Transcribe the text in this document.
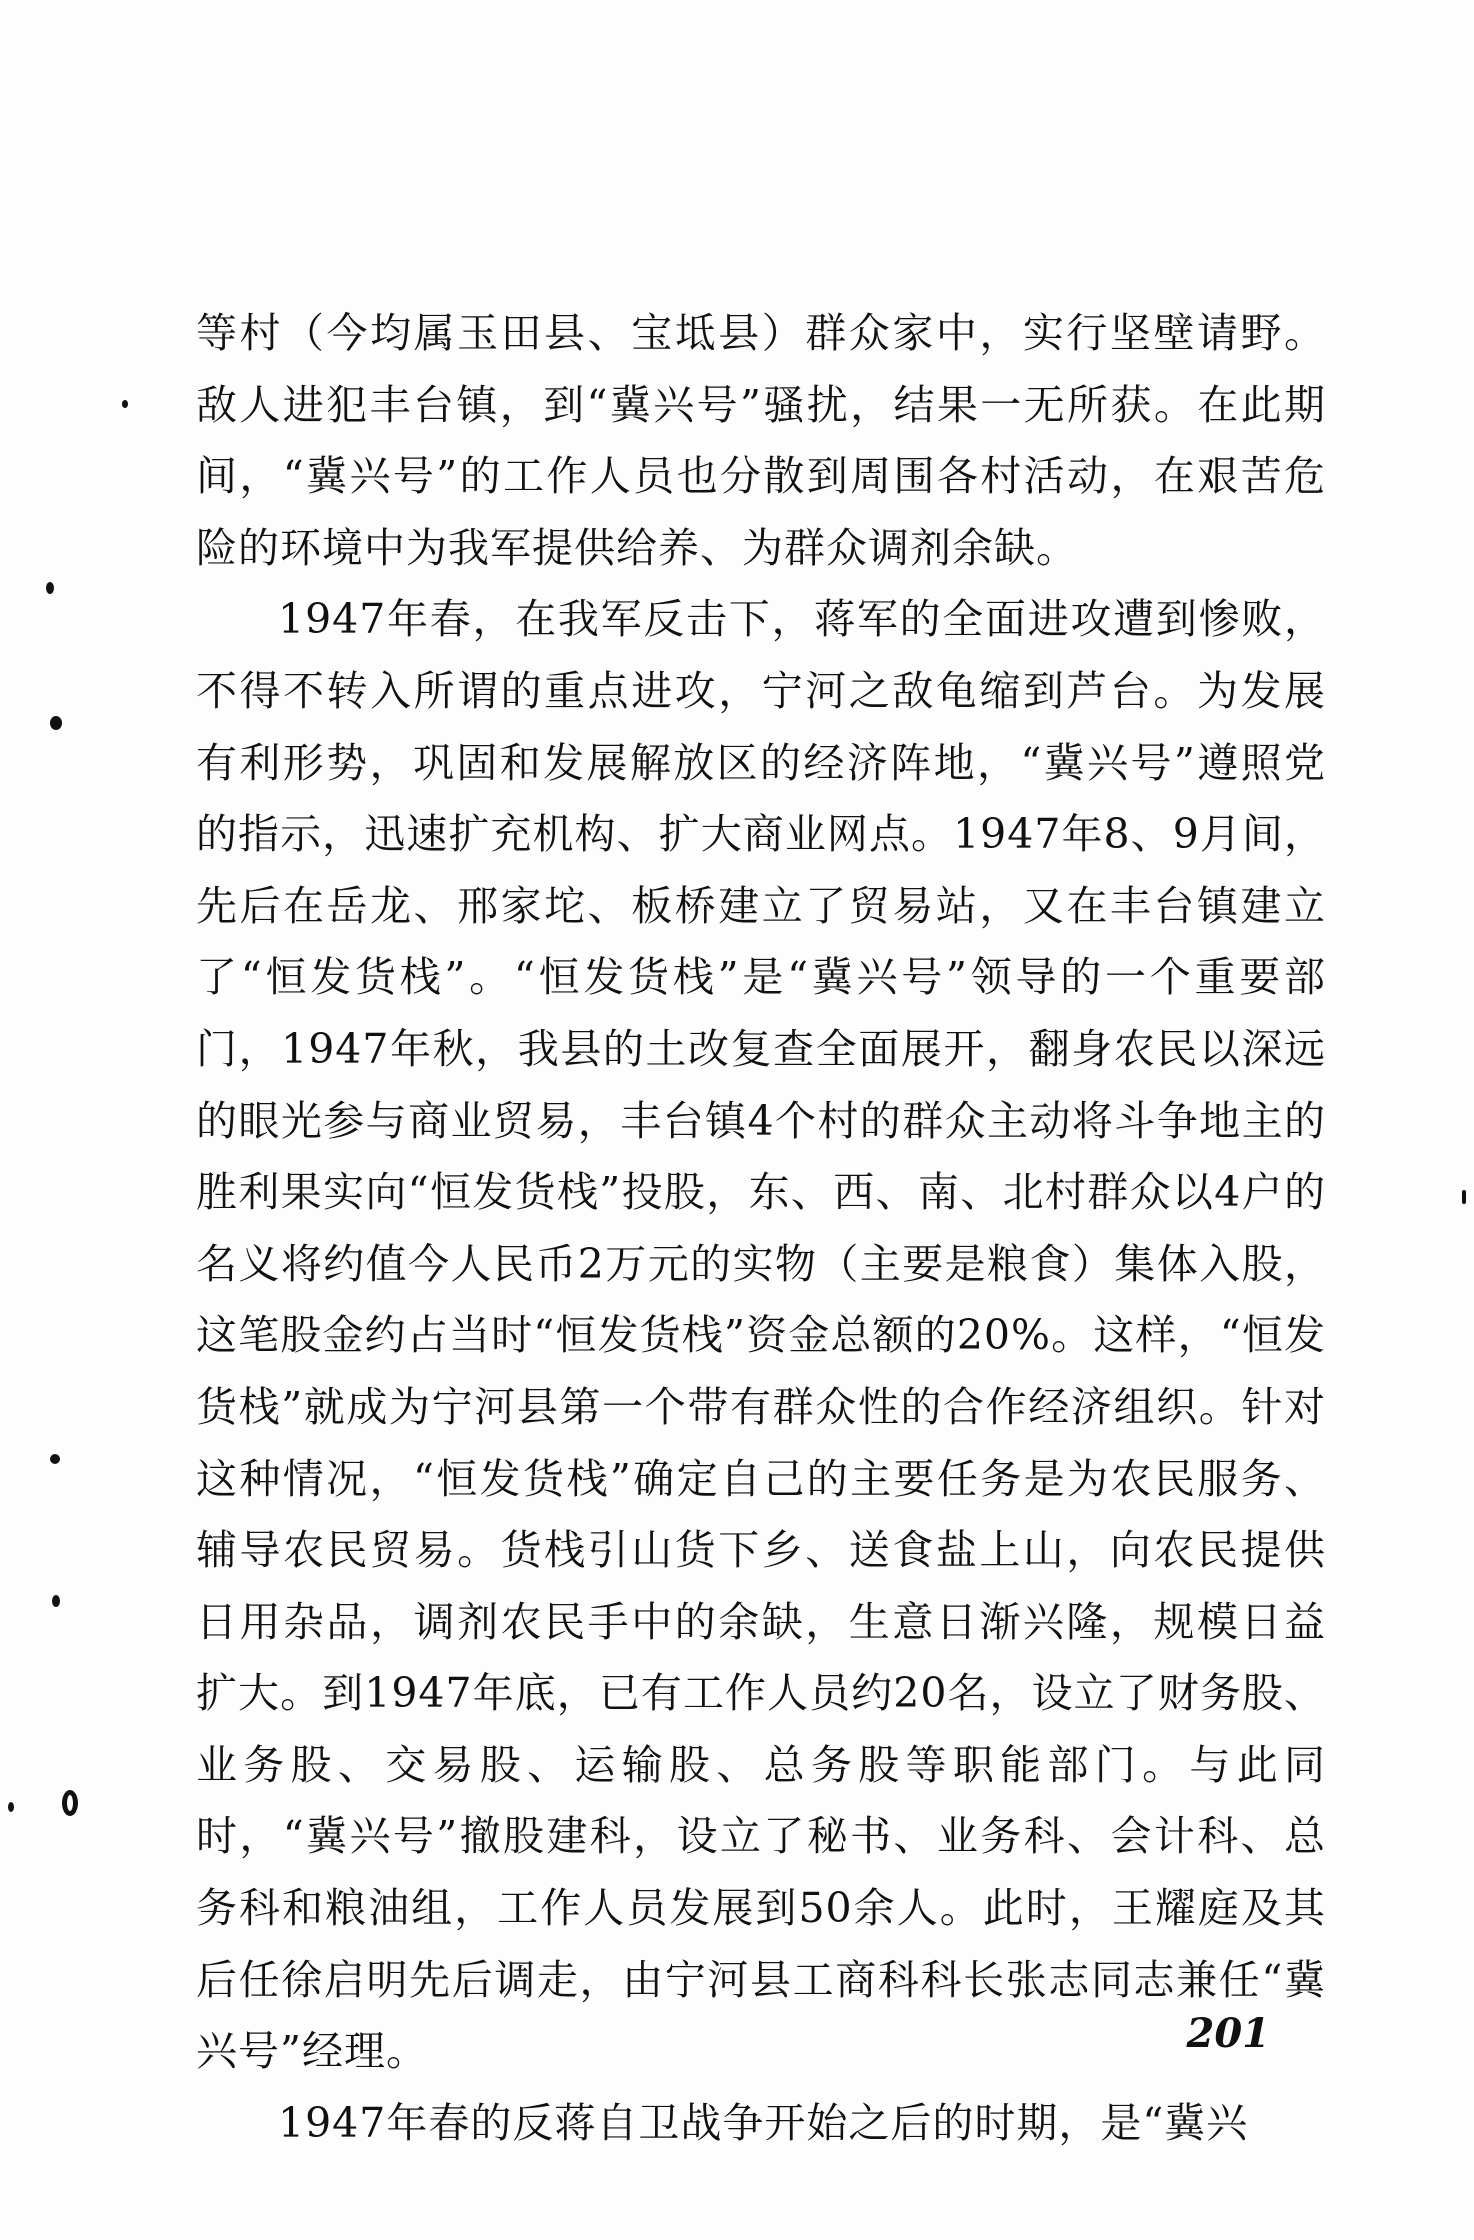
等村（今均属玉田县、宝坻县）群众家中，实行坚壁请野。敌人进犯丰台镇，到“冀兴号”骚扰，结果一无所获。在此期间，“冀兴号”的工作人员也分散到周围各村活动，在艰苦危险的环境中为我军提供给养、为群众调剂余缺。

1947年春，在我军反击下，蒋军的全面进攻遭到惨败，不得不转入所谓的重点进攻，宁河之敌龟缩到芦台。为发展有利形势，巩固和发展解放区的经济阵地，“冀兴号”遵照党的指示，迅速扩充机构、扩大商业网点。1947年8、9月间，先后在岳龙、邢家坨、板桥建立了贸易站，又在丰台镇建立了“恒发货栈”。“恒发货栈”是“冀兴号”领导的一个重要部门，1947年秋，我县的土改复查全面展开，翻身农民以深远的眼光参与商业贸易，丰台镇4个村的群众主动将斗争地主的胜利果实向“恒发货栈”投股，东、西、南、北村群众以4户的名义将约值今人民币2万元的实物（主要是粮食）集体入股，这笔股金约占当时“恒发货栈”资金总额的20%。这样，“恒发货栈”就成为宁河县第一个带有群众性的合作经济组织。针对这种情况，“恒发货栈”确定自己的主要任务是为农民服务、辅导农民贸易。货栈引山货下乡、送食盐上山，向农民提供日用杂品，调剂农民手中的余缺，生意日渐兴隆，规模日益扩大。到1947年底，已有工作人员约20名，设立了财务股、业务股、交易股、运输股、总务股等职能部门。与此同时，“冀兴号”撤股建科，设立了秘书、业务科、会计科、总务科和粮油组，工作人员发展到50余人。此时，王耀庭及其后任徐启明先后调走，由宁河县工商科科长张志同志兼任“冀兴号”经理。

1947年春的反蒋自卫战争开始之后的时期，是“冀兴

201
